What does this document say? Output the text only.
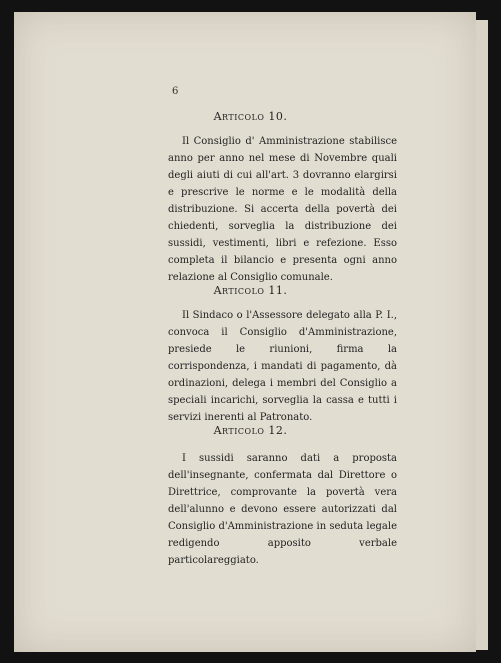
6
Articolo 10.
Il Consiglio d' Amministrazione stabilisce anno per anno nel mese di Novembre quali degli aiuti di cui all'art. 3 dovranno elargirsi e prescrive le norme e le modalità della distribuzione. Si accerta della povertà dei chiedenti, sorveglia la distribuzione dei sussidi, vestimenti, libri e refezione. Esso completa il bilancio e presenta ogni anno relazione al Consiglio comunale.
Articolo 11.
Il Sindaco o l'Assessore delegato alla P. I., convoca il Consiglio d'Amministrazione, presiede le riunioni, firma la corrispondenza, i mandati di pagamento, dà ordinazioni, delega i membri del Consiglio a speciali incarichi, sorveglia la cassa e tutti i servizi inerenti al Patronato.
Articolo 12.
I sussidi saranno dati a proposta dell'insegnante, confermata dal Direttore o Direttrice, comprovante la povertà vera dell'alunno e devono essere autorizzati dal Consiglio d'Amministrazione in seduta legale redigendo apposito verbale particolareggiato.
